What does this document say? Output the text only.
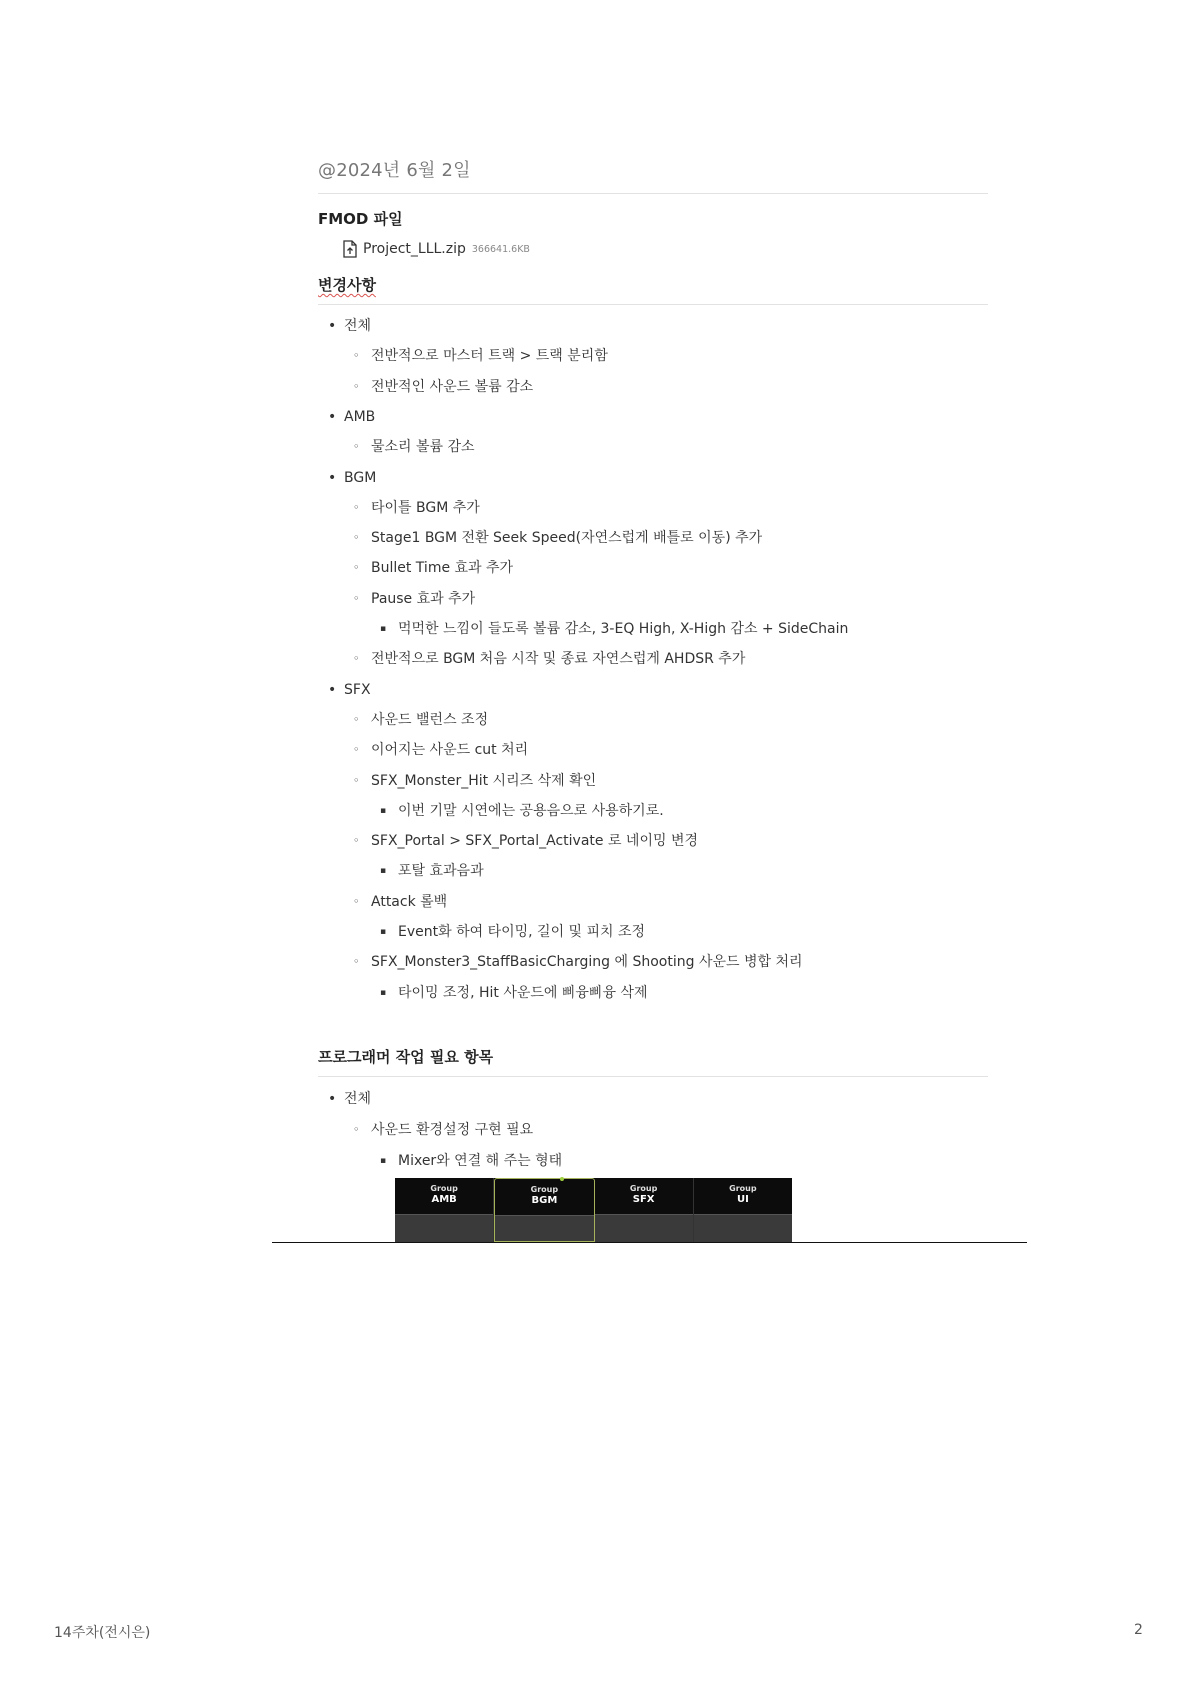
@2024년 6월 2일
FMOD 파일
Project_LLL.zip 366641.6KB
변경사항
• 전체
◦ 전반적으로 마스터 트랙 > 트랙 분리함
◦ 전반적인 사운드 볼륨 감소
• AMB
◦ 물소리 볼륨 감소
• BGM
◦ 타이틀 BGM 추가
◦ Stage1 BGM 전환 Seek Speed(자연스럽게 배틀로 이동) 추가
◦ Bullet Time 효과 추가
◦ Pause 효과 추가
▪ 먹먹한 느낌이 들도록 볼륨 감소, 3-EQ High, X-High 감소 + SideChain
◦ 전반적으로 BGM 처음 시작 및 종료 자연스럽게 AHDSR 추가
• SFX
◦ 사운드 밸런스 조정
◦ 이어지는 사운드 cut 처리
◦ SFX_Monster_Hit 시리즈 삭제 확인
▪ 이번 기말 시연에는 공용음으로 사용하기로.
◦ SFX_Portal > SFX_Portal_Activate 로 네이밍 변경
▪ 포탈 효과음과
◦ Attack 롤백
▪ Event화 하여 타이밍, 길이 및 피치 조정
◦ SFX_Monster3_StaffBasicCharging 에 Shooting 사운드 병합 처리
▪ 타이밍 조정, Hit 사운드에 삐융삐융 삭제
프로그래머 작업 필요 항목
• 전체
◦ 사운드 환경설정 구현 필요
▪ Mixer와 연결 해 주는 형태
Group
AMB
Group
BGM
Group
SFX
Group
UI
14주차(전시은)	2
